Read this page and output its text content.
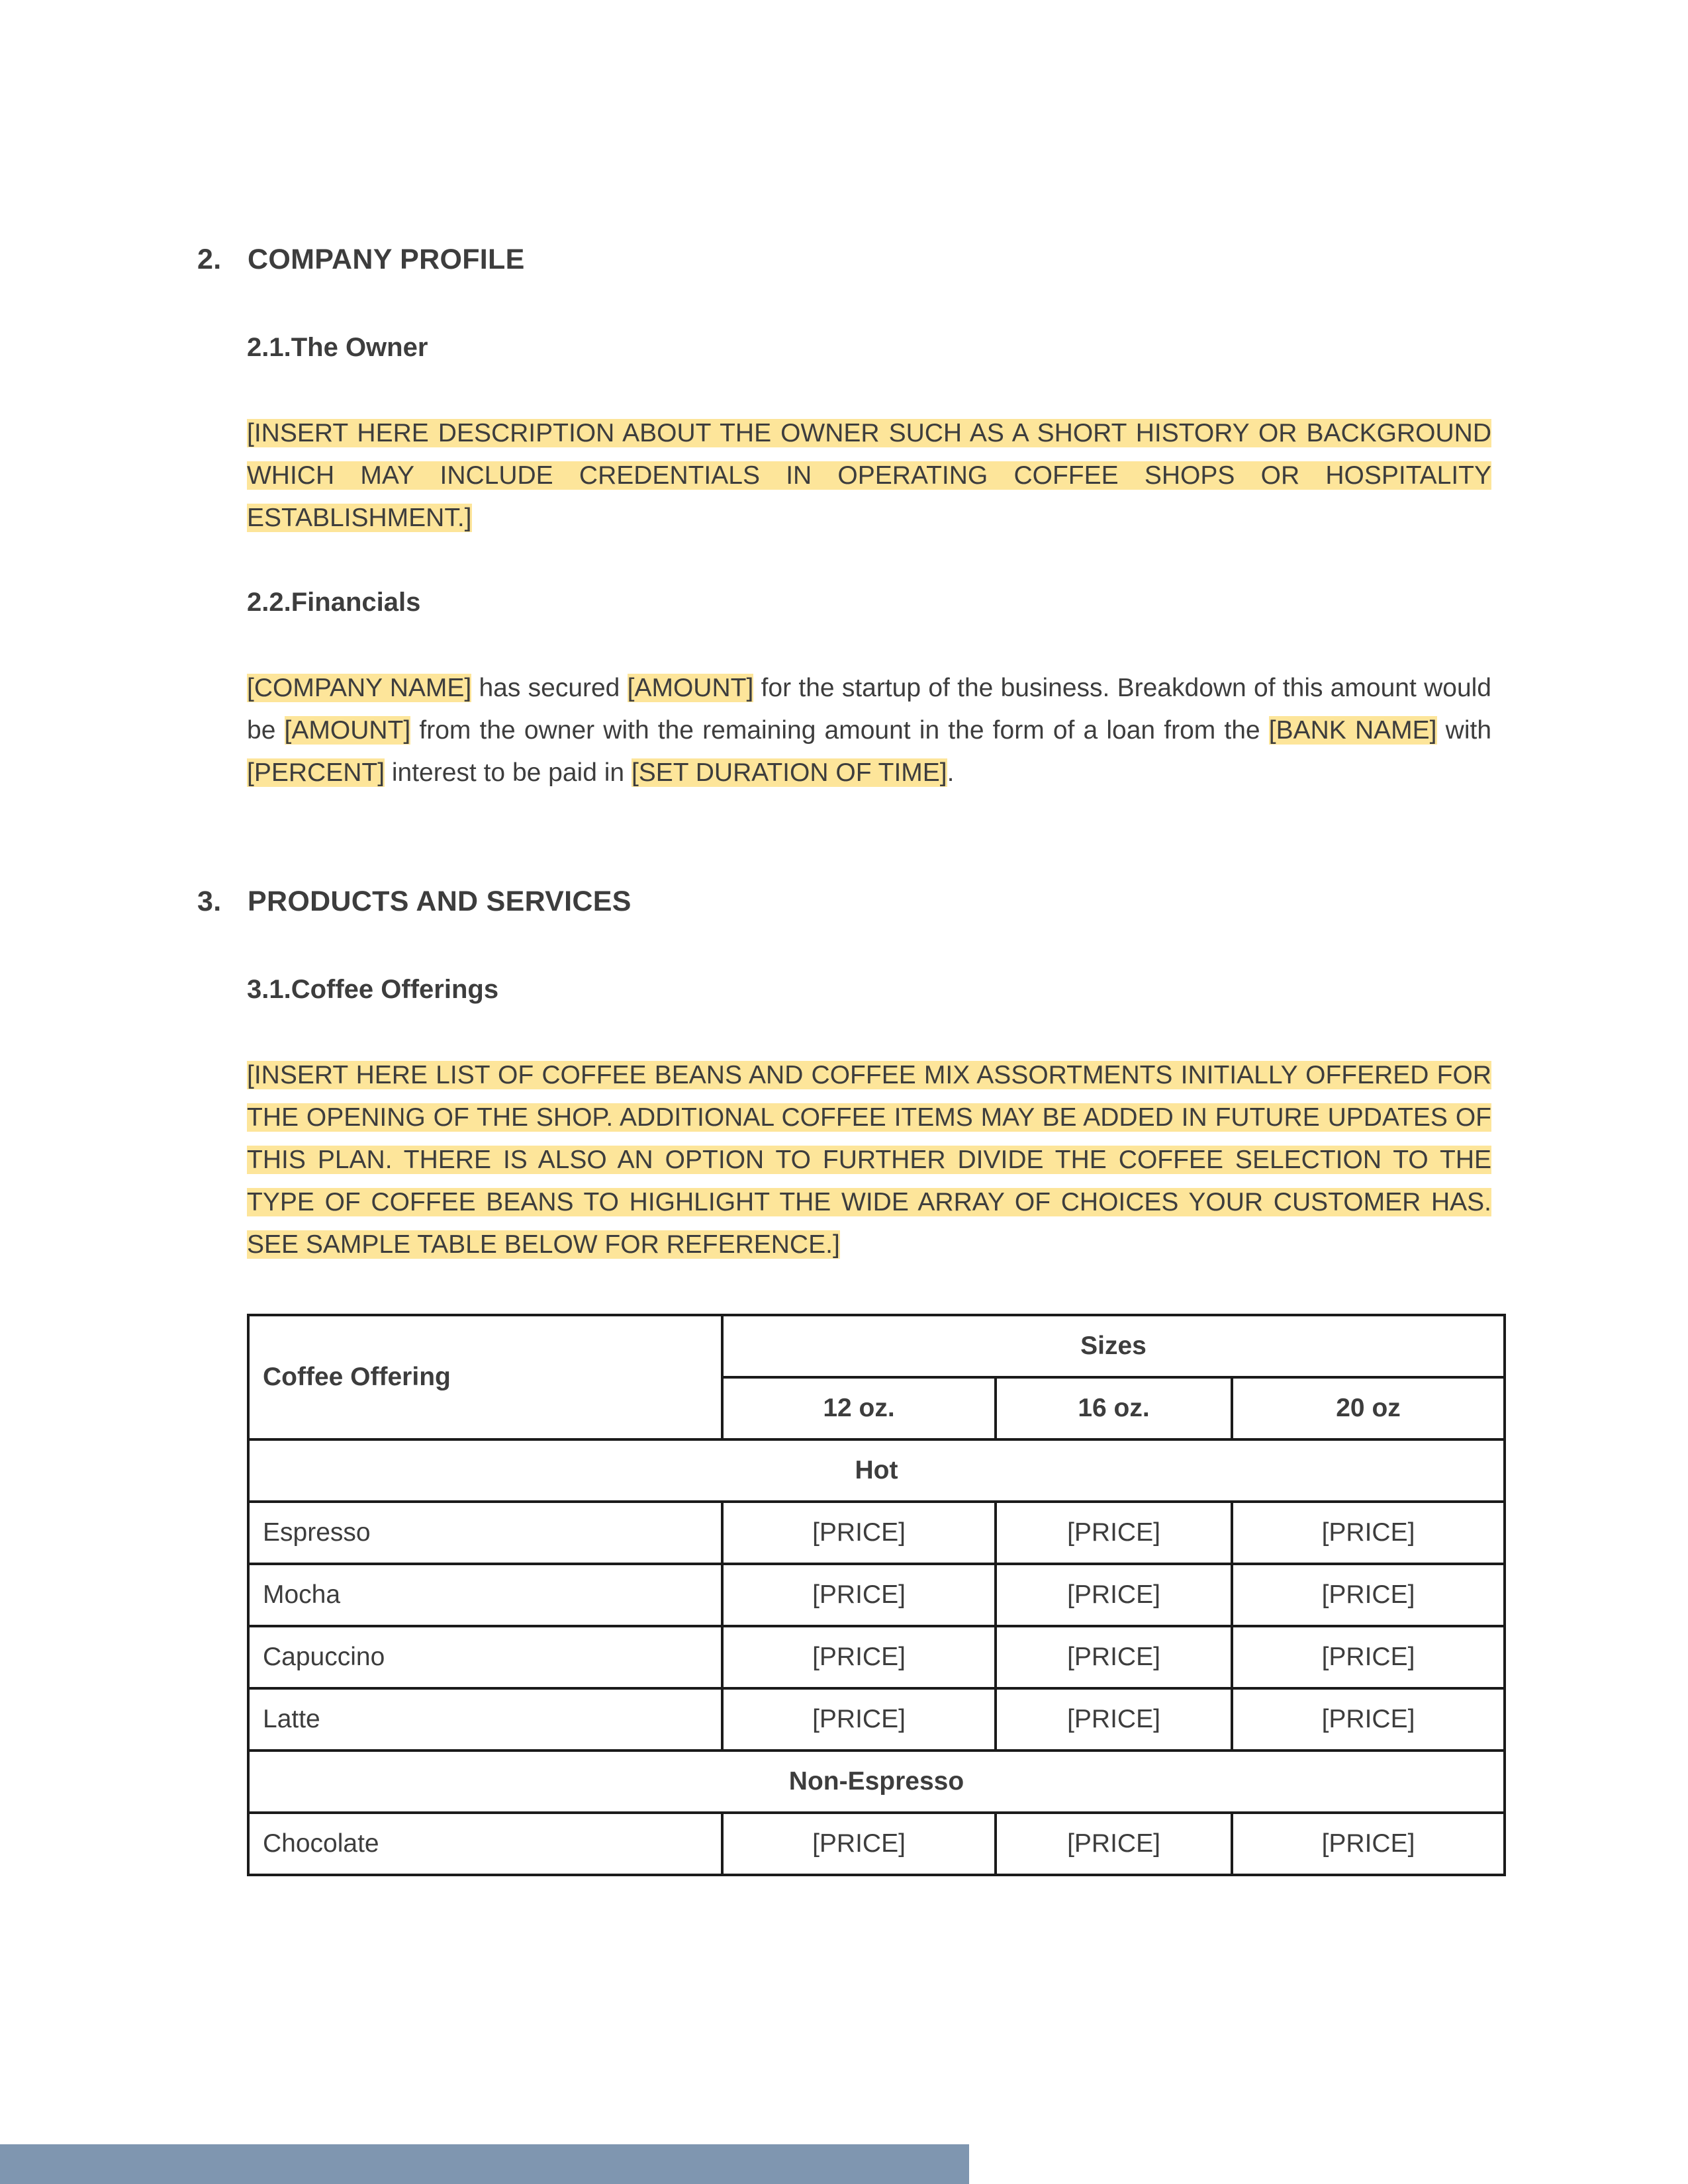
2. COMPANY PROFILE
2.1.The Owner

[INSERT HERE DESCRIPTION ABOUT THE OWNER SUCH AS A SHORT HISTORY OR BACKGROUND WHICH MAY INCLUDE CREDENTIALS IN OPERATING COFFEE SHOPS OR HOSPITALITY ESTABLISHMENT.]

2.2.Financials

[COMPANY NAME] has secured [AMOUNT] for the startup of the business. Breakdown of this amount would be [AMOUNT] from the owner with the remaining amount in the form of a loan from the [BANK NAME] with [PERCENT] interest to be paid in [SET DURATION OF TIME].

3. PRODUCTS AND SERVICES
3.1.Coffee Offerings

[INSERT HERE LIST OF COFFEE BEANS AND COFFEE MIX ASSORTMENTS INITIALLY OFFERED FOR THE OPENING OF THE SHOP. ADDITIONAL COFFEE ITEMS MAY BE ADDED IN FUTURE UPDATES OF THIS PLAN. THERE IS ALSO AN OPTION TO FURTHER DIVIDE THE COFFEE SELECTION TO THE TYPE OF COFFEE BEANS TO HIGHLIGHT THE WIDE ARRAY OF CHOICES YOUR CUSTOMER HAS. SEE SAMPLE TABLE BELOW FOR REFERENCE.]

Coffee Offering	Sizes		
	12 oz.	16 oz.	20 oz
Hot			
Espresso	[PRICE]	[PRICE]	[PRICE]
Mocha	[PRICE]	[PRICE]	[PRICE]
Capuccino	[PRICE]	[PRICE]	[PRICE]
Latte	[PRICE]	[PRICE]	[PRICE]
Non-Espresso			
Chocolate	[PRICE]	[PRICE]	[PRICE]
